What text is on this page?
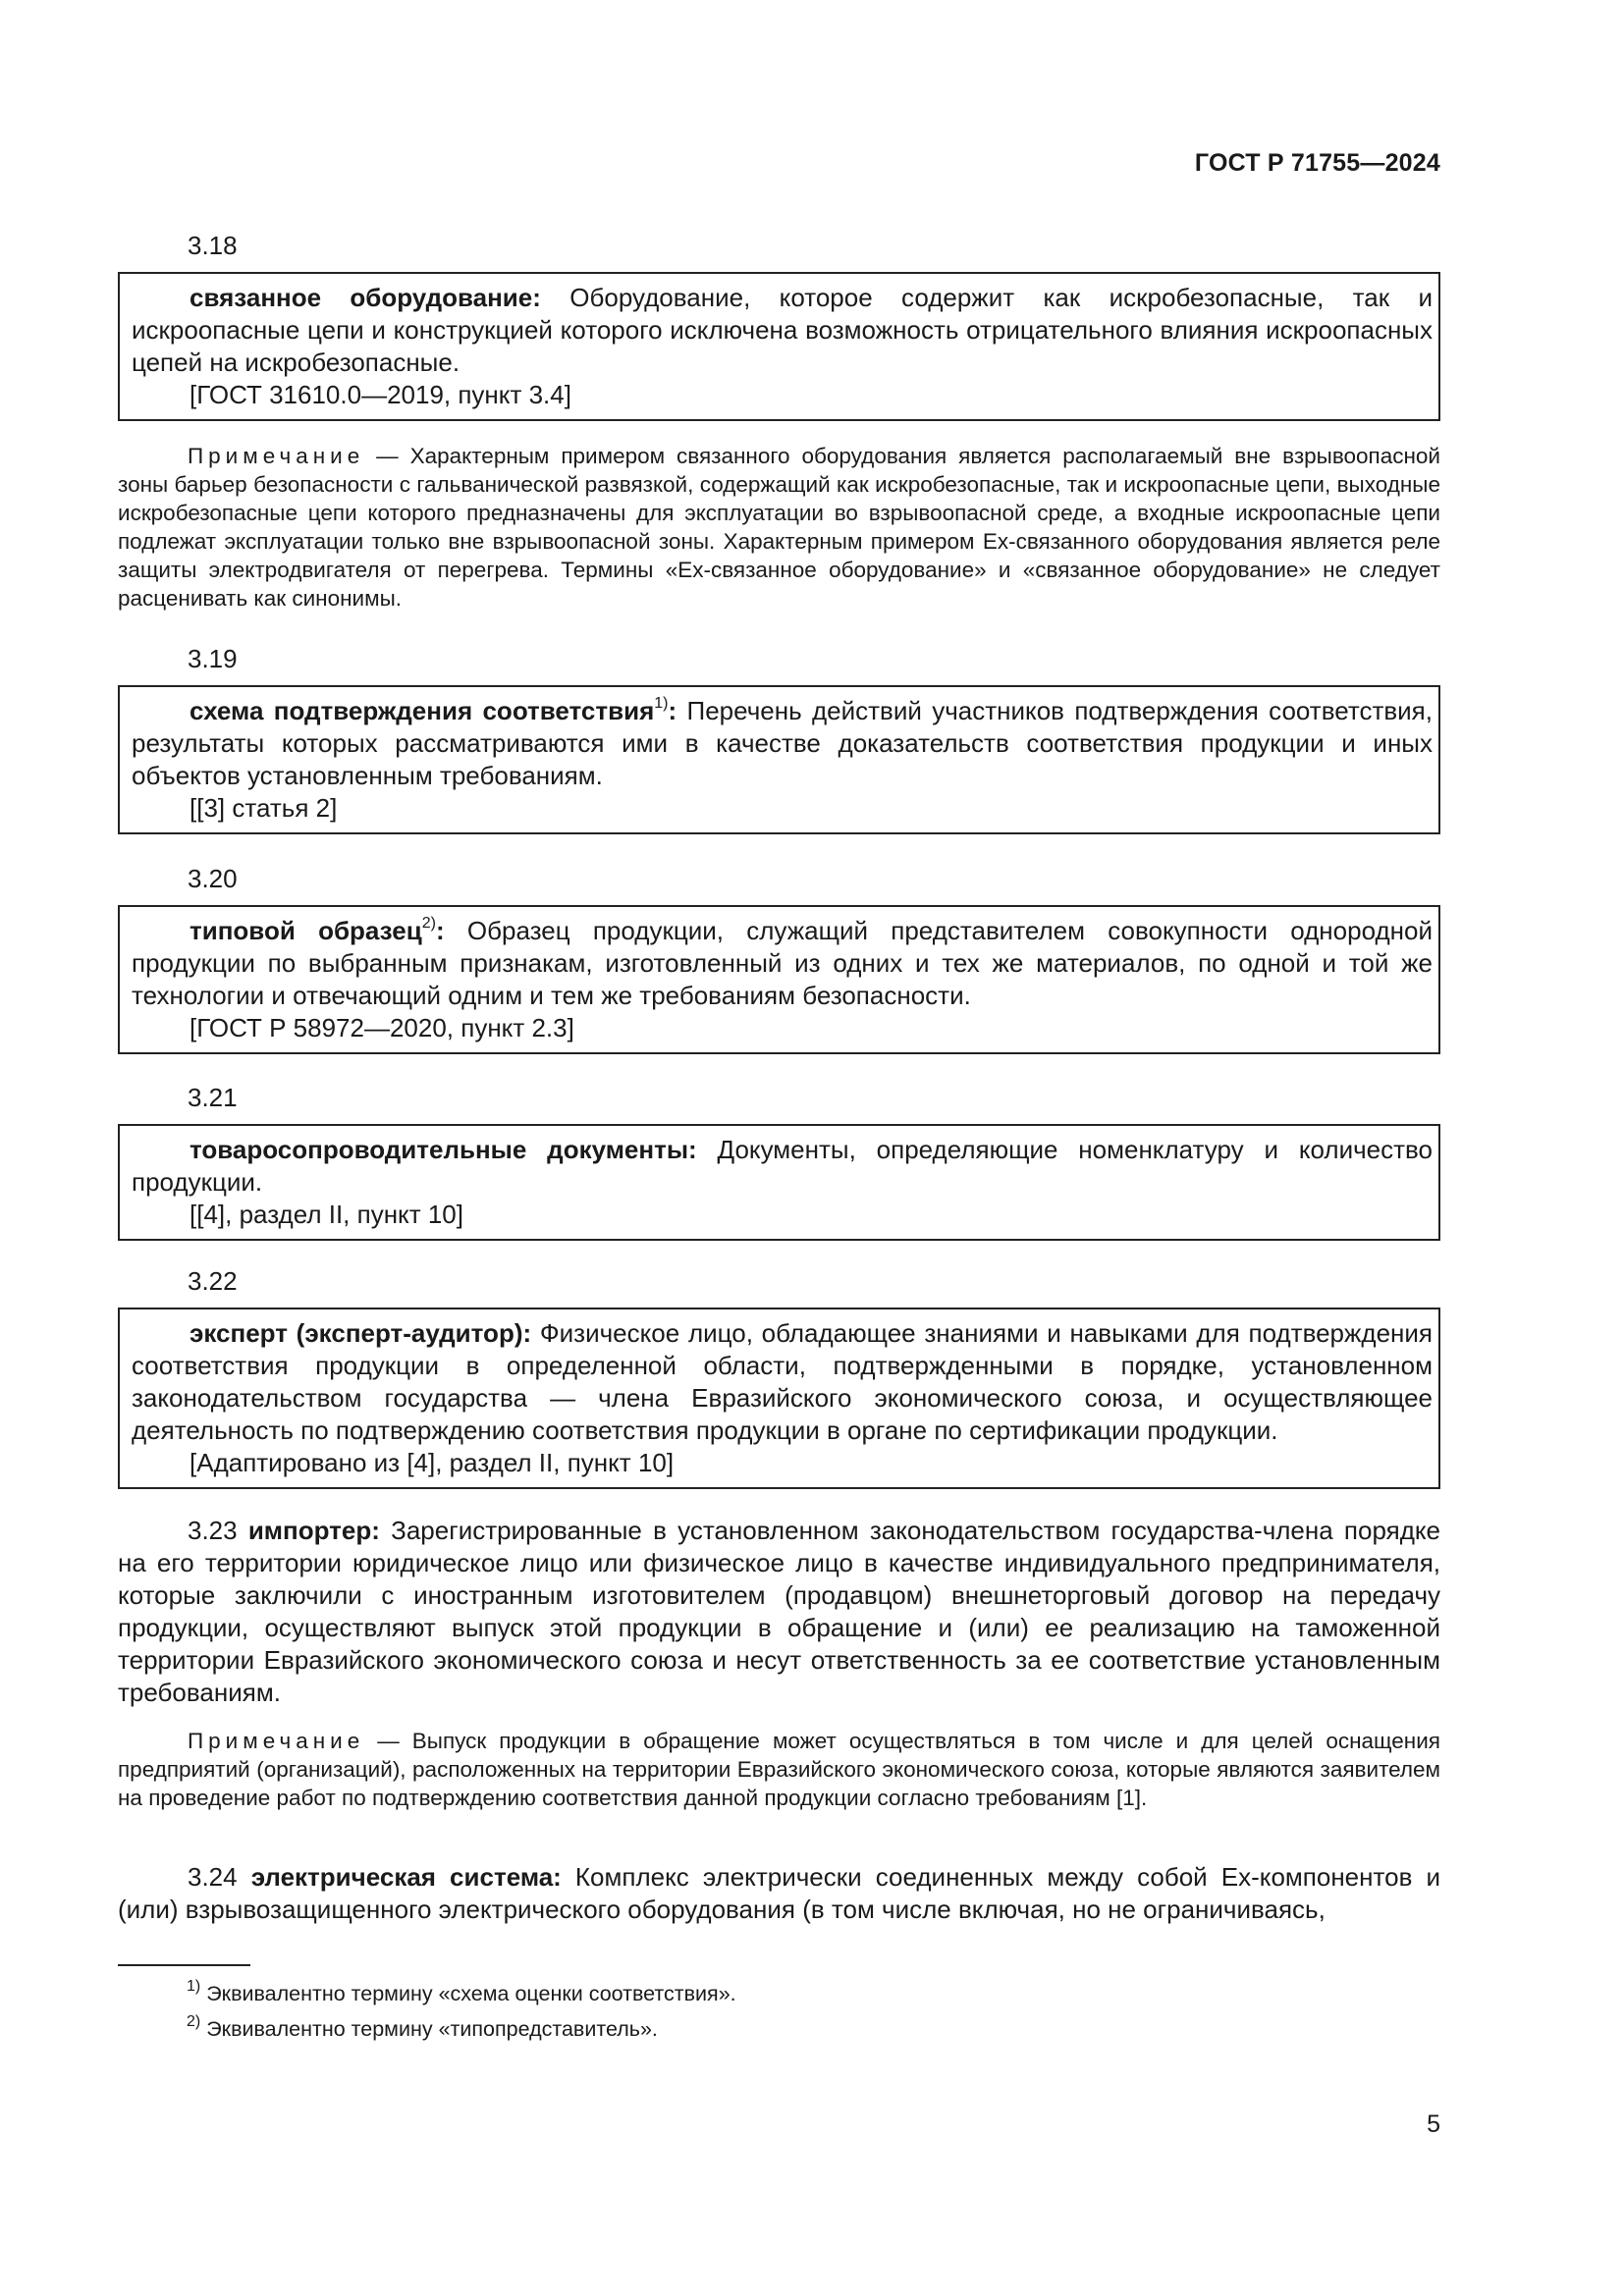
ГОСТ Р 71755—2024
3.18

связанное оборудование: Оборудование, которое содержит как искробезопасные, так и искроопасные цепи и конструкцией которого исключена возможность отрицательного влияния искроопасных цепей на искробезопасные.

[ГОСТ 31610.0—2019, пункт 3.4]

Примечание — Характерным примером связанного оборудования является располагаемый вне взрывоопасной зоны барьер безопасности с гальванической развязкой, содержащий как искробезопасные, так и искроопасные цепи, выходные искробезопасные цепи которого предназначены для эксплуатации во взрывоопасной среде, а входные искроопасные цепи подлежат эксплуатации только вне взрывоопасной зоны. Характерным примером Ex-связанного оборудования является реле защиты электродвигателя от перегрева. Термины «Ex-связанное оборудование» и «связанное оборудование» не следует расценивать как синонимы.

3.19

схема подтверждения соответствия$^{1)}$: Перечень действий участников подтверждения соответствия, результаты которых рассматриваются ими в качестве доказательств соответствия продукции и иных объектов установленным требованиям.

[[3] статья 2]

3.20

типовой образец$^{2)}$: Образец продукции, служащий представителем совокупности однородной продукции по выбранным признакам, изготовленный из одних и тех же материалов, по одной и той же технологии и отвечающий одним и тем же требованиям безопасности.

[ГОСТ Р 58972—2020, пункт 2.3]

3.21

товаросопроводительные документы: Документы, определяющие номенклатуру и количество продукции.

[[4], раздел II, пункт 10]

3.22

эксперт (эксперт-аудитор): Физическое лицо, обладающее знаниями и навыками для подтверждения соответствия продукции в определенной области, подтвержденными в порядке, установленном законодательством государства — члена Евразийского экономического союза, и осуществляющее деятельность по подтверждению соответствия продукции в органе по сертификации продукции.

[Адаптировано из [4], раздел II, пункт 10]

3.23 импортер: Зарегистрированные в установленном законодательством государства-члена порядке на его территории юридическое лицо или физическое лицо в качестве индивидуального предпринимателя, которые заключили с иностранным изготовителем (продавцом) внешнеторговый договор на передачу продукции, осуществляют выпуск этой продукции в обращение и (или) ее реализацию на таможенной территории Евразийского экономического союза и несут ответственность за ее соответствие установленным требованиям.

Примечание — Выпуск продукции в обращение может осуществляться в том числе и для целей оснащения предприятий (организаций), расположенных на территории Евразийского экономического союза, которые являются заявителем на проведение работ по подтверждению соответствия данной продукции согласно требованиям [1].

3.24 электрическая система: Комплекс электрически соединенных между собой Ex-компонентов и (или) взрывозащищенного электрического оборудования (в том числе включая, но не ограничиваясь,

$^{1)}$ Эквивалентно термину «схема оценки соответствия».
$^{2)}$ Эквивалентно термину «типопредставитель».
5
